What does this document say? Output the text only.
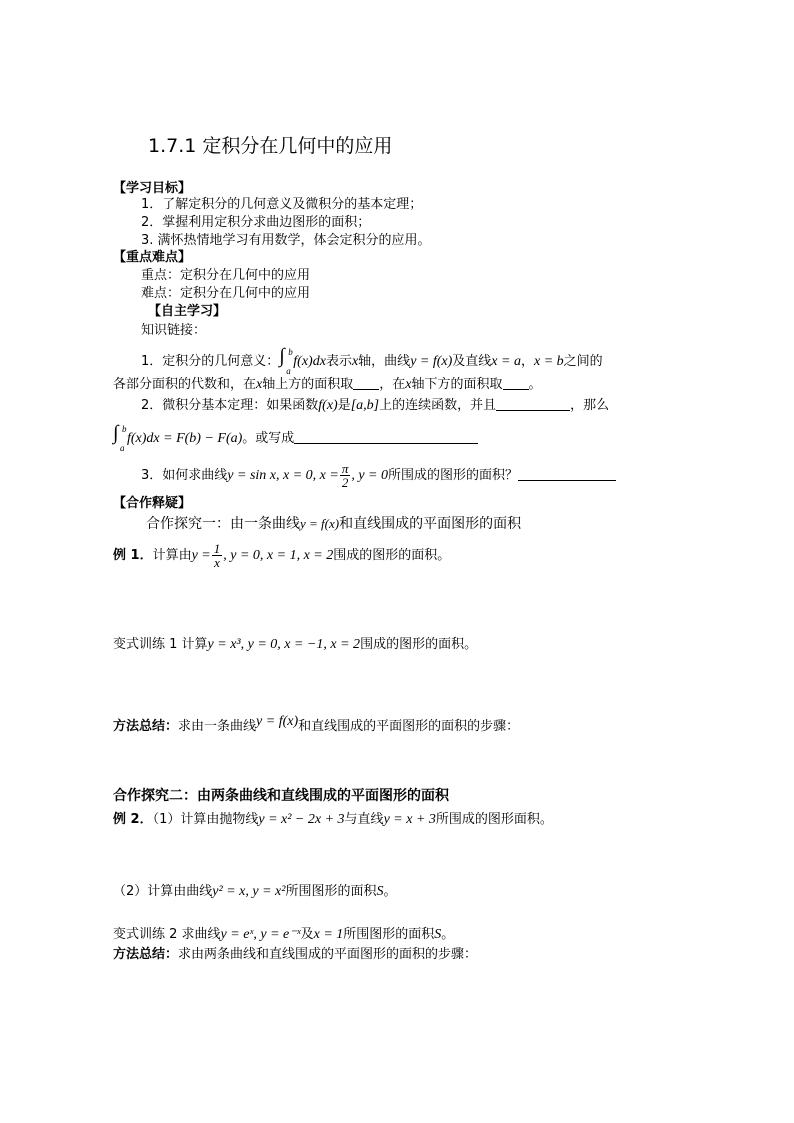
1.7.1 定积分在几何中的应用
【学习目标】
1．了解定积分的几何意义及微积分的基本定理；
2．掌握利用定积分求曲边图形的面积；
3. 满怀热情地学习有用数学，体会定积分的应用。
【重点难点】
重点：定积分在几何中的应用
难点：定积分在几何中的应用
【自主学习】
知识链接：
1．定积分的几何意义： ∫ b
a
f(x)dx表示x轴，曲线y = f(x)及直线x = a，x = b之间的
各部分面积的代数和，在x轴上方的面积取 ，在x轴下方的面积取 。
2．微积分基本定理：如果函数f(x)是[a,b]上的连续函数，并且	，那么
∫ b
a
f(x)dx = F(b) − F(a)。或写成
3．如何求曲线y = sin x, x = 0, $x = \frac{\pi}{2}$ , y = 0所围成的图形的面积？
【合作释疑】
合作探究一：由一条曲线y = f(x)和直线围成的平面图形的面积
例 1．计算由$y = \frac{1}{x}$ , y = 0, x = 1, x = 2围成的图形的面积。
变式训练 1 计算y = x³, y = 0, x = −1, x = 2围成的图形的面积。
方法总结：求由一条曲线y = f(x)和直线围成的平面图形的面积的步骤：
合作探究二：由两条曲线和直线围成的平面图形的面积
例 2．（1）计算由抛物线y = x² − 2x + 3与直线y = x + 3所围成的图形面积。
（2）计算由曲线y² = x, y = x²所围图形的面积S。
变式训练 2 求曲线y = eˣ, y = e⁻ˣ及x = 1所围图形的面积S。
方法总结：求由两条曲线和直线围成的平面图形的面积的步骤：
